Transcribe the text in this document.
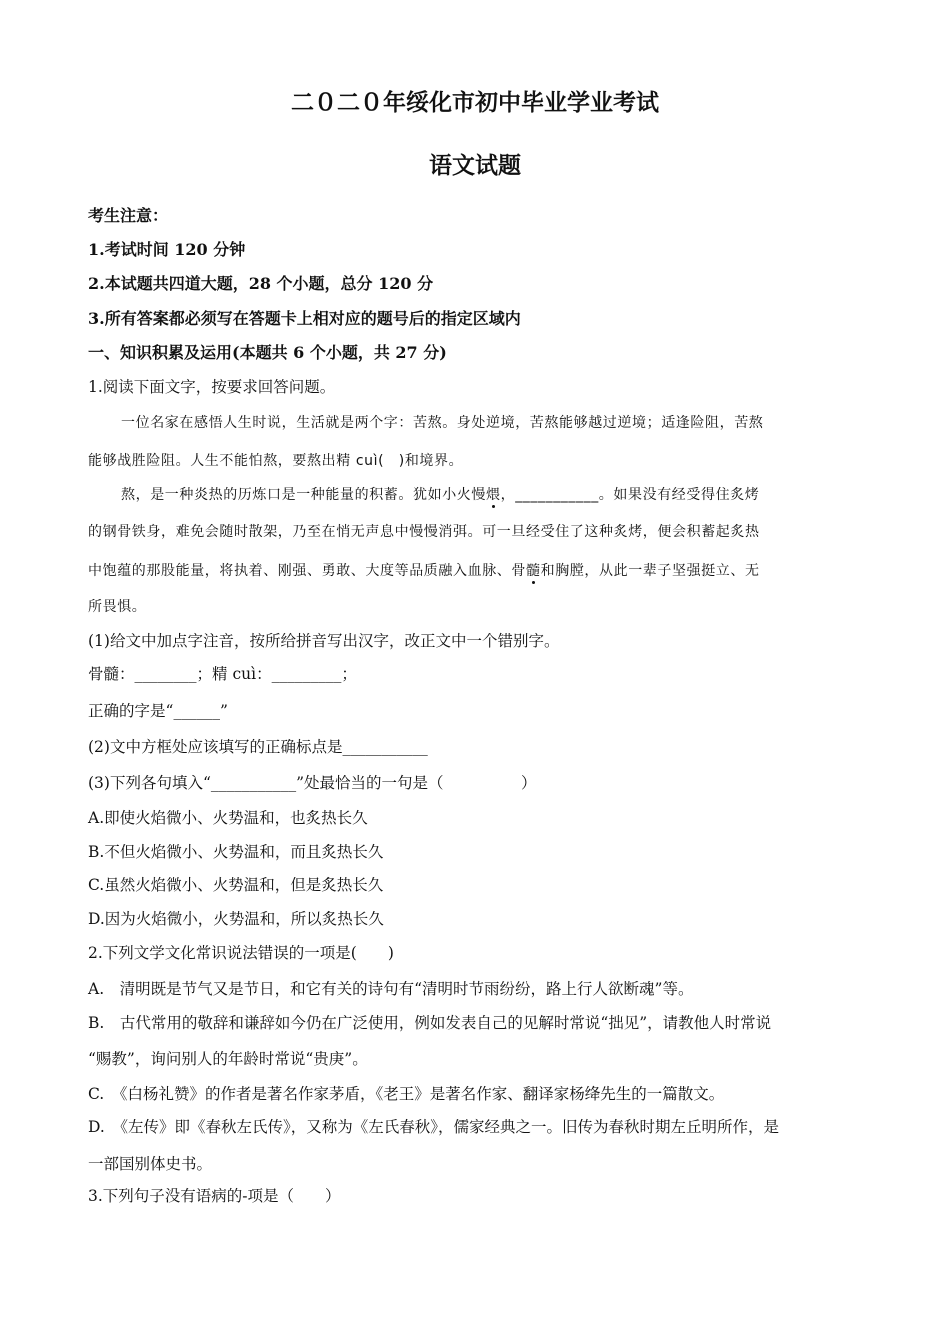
二０二０年绥化市初中毕业学业考试
语文试题
考生注意：
1.考试时间 120 分钟
2.本试题共四道大题，28 个小题，总分 120 分
3.所有答案都必须写在答题卡上相对应的题号后的指定区域内
一、知识积累及运用(本题共 6 个小题，共 27 分)
1.阅读下面文字，按要求回答问题。
一位名家在感悟人生时说，生活就是两个字：苦熬。身处逆境，苦熬能够越过逆境；适逢险阻，苦熬
能够战胜险阻。人生不能怕熬，要熬出精 cuì(　)和境界。
熬，是一种炎热的历炼口是一种能量的积蓄。犹如小火慢煨，___________。如果没有经受得住炙烤
的钢骨铁身，难免会随时散架，乃至在悄无声息中慢慢消弭。可一旦经受住了这种炙烤，便会积蓄起炙热
中饱蕴的那股能量，将执着、刚强、勇敢、大度等品质融入血脉、骨髓和胸膛，从此一辈子坚强挺立、无
所畏惧。
(1)给文中加点字注音，按所给拼音写出汉字，改正文中一个错别字。
骨髓：________；精 cuì：_________；
正确的字是“______”
(2)文中方框处应该填写的正确标点是___________
(3)下列各句填入“___________”处最恰当的一句是（　　　　　）
A.即使火焰微小、火势温和，也炙热长久
B.不但火焰微小、火势温和，而且炙热长久
C.虽然火焰微小、火势温和，但是炙热长久
D.因为火焰微小，火势温和，所以炙热长久
2.下列文学文化常识说法错误的一项是(　　)
A.　清明既是节气又是节日，和它有关的诗句有“清明时节雨纷纷，路上行人欲断魂”等。
B.　古代常用的敬辞和谦辞如今仍在广泛使用，例如发表自己的见解时常说“拙见”，请教他人时常说
“赐教”，询问别人的年龄时常说“贵庚”。
C.　《白杨礼赞》的作者是著名作家茅盾，《老王》是著名作家、翻译家杨绛先生的一篇散文。
D.　《左传》即《春秋左氏传》，又称为《左氏春秋》，儒家经典之一。旧传为春秋时期左丘明所作，是
一部国别体史书。
3.下列句子没有语病的-项是（　　）
